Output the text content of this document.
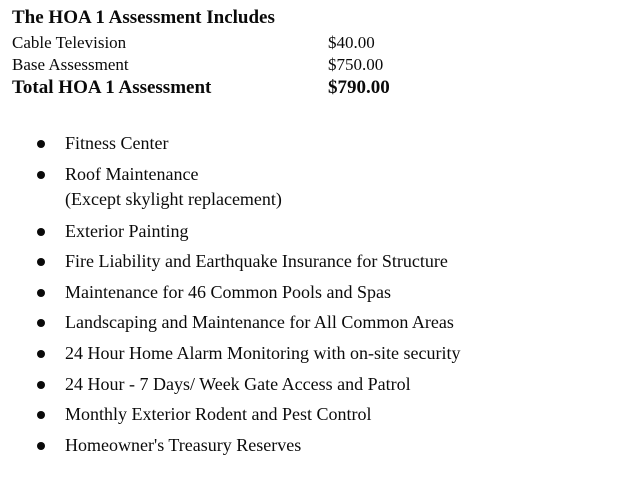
The HOA 1 Assessment Includes
Cable Television	$40.00
Base Assessment	$750.00
Total HOA 1 Assessment	$790.00
Fitness Center
Roof Maintenance
(Except skylight replacement)
Exterior Painting
Fire Liability and Earthquake Insurance for Structure
Maintenance for 46 Common Pools and Spas
Landscaping and Maintenance for All Common Areas
24 Hour Home Alarm Monitoring with on-site security
24 Hour - 7 Days/ Week Gate Access and Patrol
Monthly Exterior Rodent and Pest Control
Homeowner's Treasury Reserves
